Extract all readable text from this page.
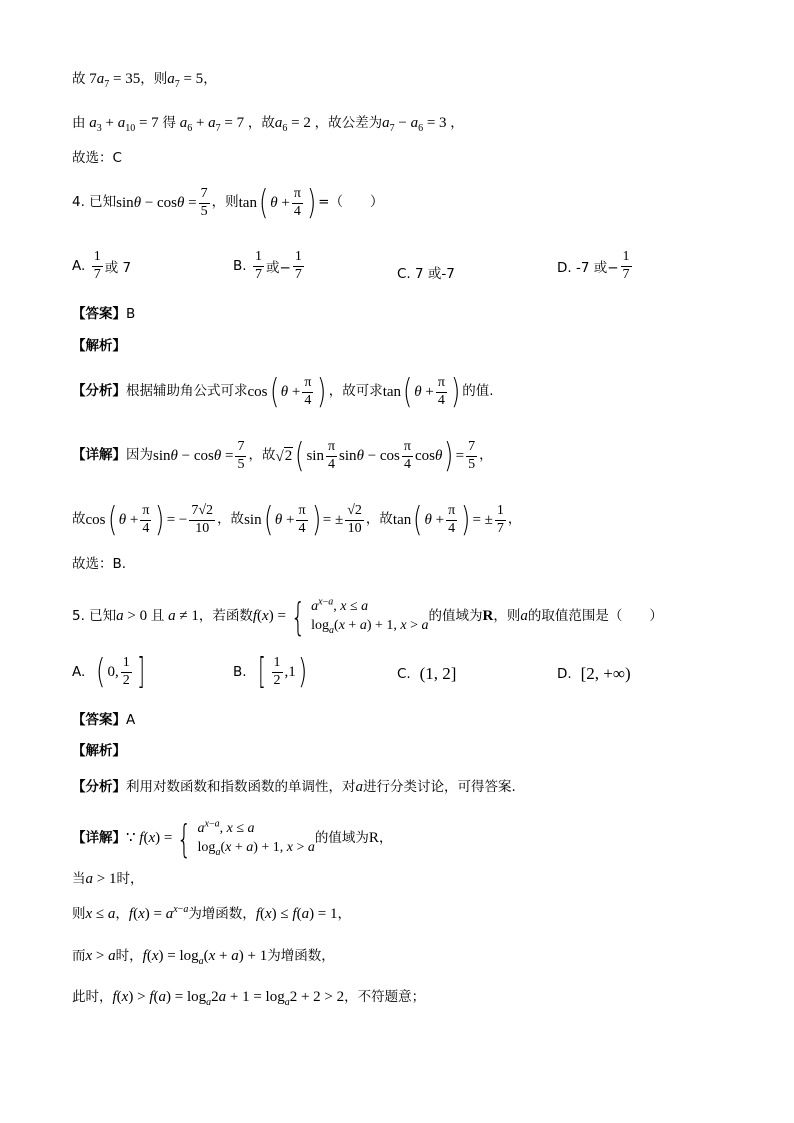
故 $7a_7 = 35$ ，则 $a_7 = 5$ ，
由 $a_3 + a_{10} = 7$ 得 $a_6 + a_7 = 7$ ，故 $a_6 = 2$ ，故公差为 $a_7 - a_6 = 3$ ，
故选：C
4. 已知 $\sin\theta - \cos\theta = \frac{7}{5}$ ，则 tan ( $\theta + \frac{\pi}{4}$ ) =（　　）
A.
$\frac{1}{7}$ 或 7	B.
$\frac{1}{7}$ 或− $\frac{1}{7}$	C. 7 或-7	D. -7 或− $\frac{1}{7}$
【答案】 B
【解析】
【分析】 根据辅助角公式可求 cos ( $\theta + \frac{\pi}{4}$ ) ，故可求 tan ( $\theta + \frac{\pi}{4}$ ) 的值.
【详解】 因为 $\sin\theta - \cos\theta = \frac{7}{5}$ ，故 √ 2 ( $\sin \frac{\pi}{4}$ $\sin\theta - \cos \frac{\pi}{4}$ cosθ ) = $\frac{7}{5}$ ，
故 cos ( $\theta + \frac{\pi}{4}$ ) = − $\frac{7√2}{10}$ ，故 sin ( $\theta + \frac{\pi}{4}$ ) = ± $\frac{√2}{10}$ ，故 tan ( $\theta + \frac{\pi}{4}$ ) = ± $\frac{1}{7}$ ，
故选：B.
5. 已知 a > 0 且 a ≠ 1 ，若函数 f(x) = { $a^{x-a}$, x ≤ a
$\log_a(x + a) + 1$, x > a
的值域为 R ，则 a 的取值范围是（　　）
A.
( 0, $\frac{1}{2}$ ]	B.
[ $\frac{1}{2} ,1$ )	C.
(1, 2]	D.
[2, +∞)
【答案】 A
【解析】
【分析】 利用对数函数和指数函数的单调性，对 a 进行分类讨论，可得答案.
【详解】 ∵ f(x) = { $a^{x-a}$, x ≤ a
$\log_a(x + a) + 1$, x > a
的值域为 R ，
当 a > 1 时，
则 x ≤ a ， $f(x) = a^{x-a}$ 为增函数， f(x) ≤ f(a) = 1 ，
而 x > a 时， $f(x) = \log_a(x + a) + 1$ 为增函数，
此时， $f(x) > f(a) = \log_a2a + 1 = \log_a2 + 2 > 2$ ，不符题意；
